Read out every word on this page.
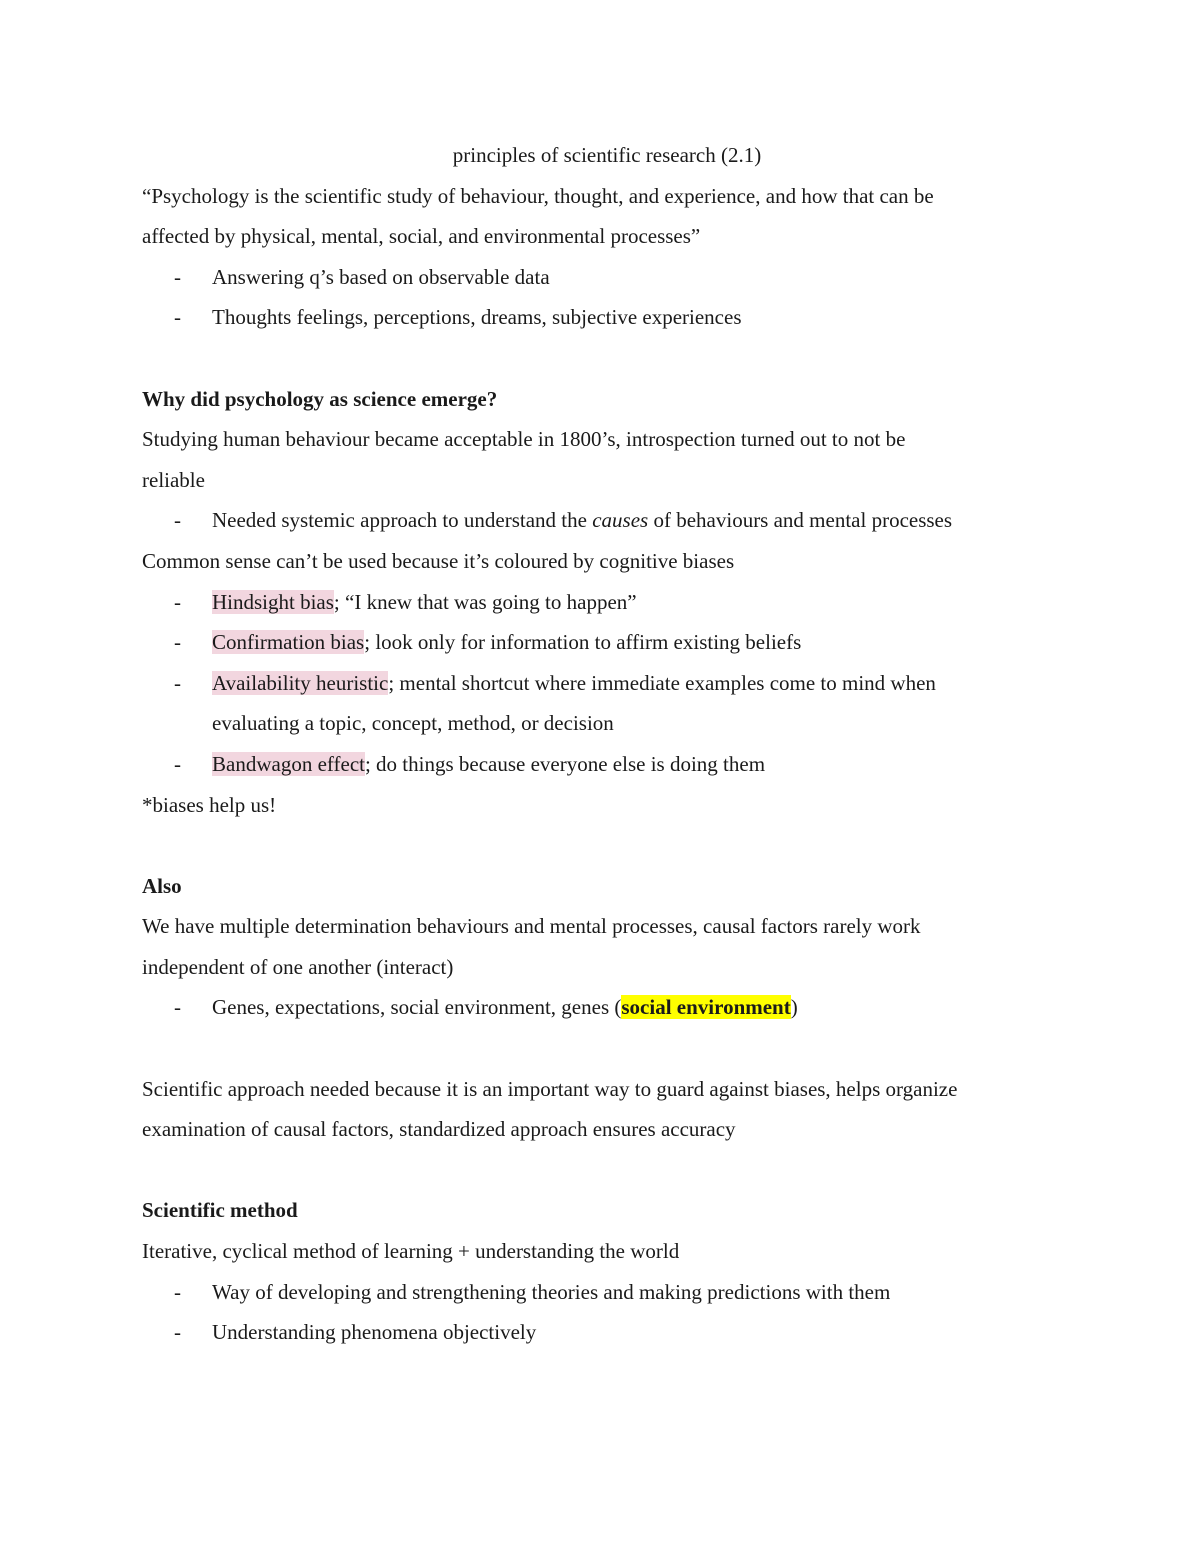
principles of scientific research (2.1)
“Psychology is the scientific study of behaviour, thought, and experience, and how that can be
affected by physical, mental, social, and environmental processes”
- Answering q’s based on observable data
- Thoughts feelings, perceptions, dreams, subjective experiences
Why did psychology as science emerge?
Studying human behaviour became acceptable in 1800’s, introspection turned out to not be
reliable
- Needed systemic approach to understand the causes of behaviours and mental processes
Common sense can’t be used because it’s coloured by cognitive biases
- Hindsight bias; “I knew that was going to happen”
- Confirmation bias; look only for information to affirm existing beliefs
- Availability heuristic; mental shortcut where immediate examples come to mind when
evaluating a topic, concept, method, or decision
- Bandwagon effect; do things because everyone else is doing them
*biases help us!
Also
We have multiple determination behaviours and mental processes, causal factors rarely work
independent of one another (interact)
- Genes, expectations, social environment, genes (social environment)
Scientific approach needed because it is an important way to guard against biases, helps organize
examination of causal factors, standardized approach ensures accuracy
Scientific method
Iterative, cyclical method of learning + understanding the world
- Way of developing and strengthening theories and making predictions with them
- Understanding phenomena objectively
